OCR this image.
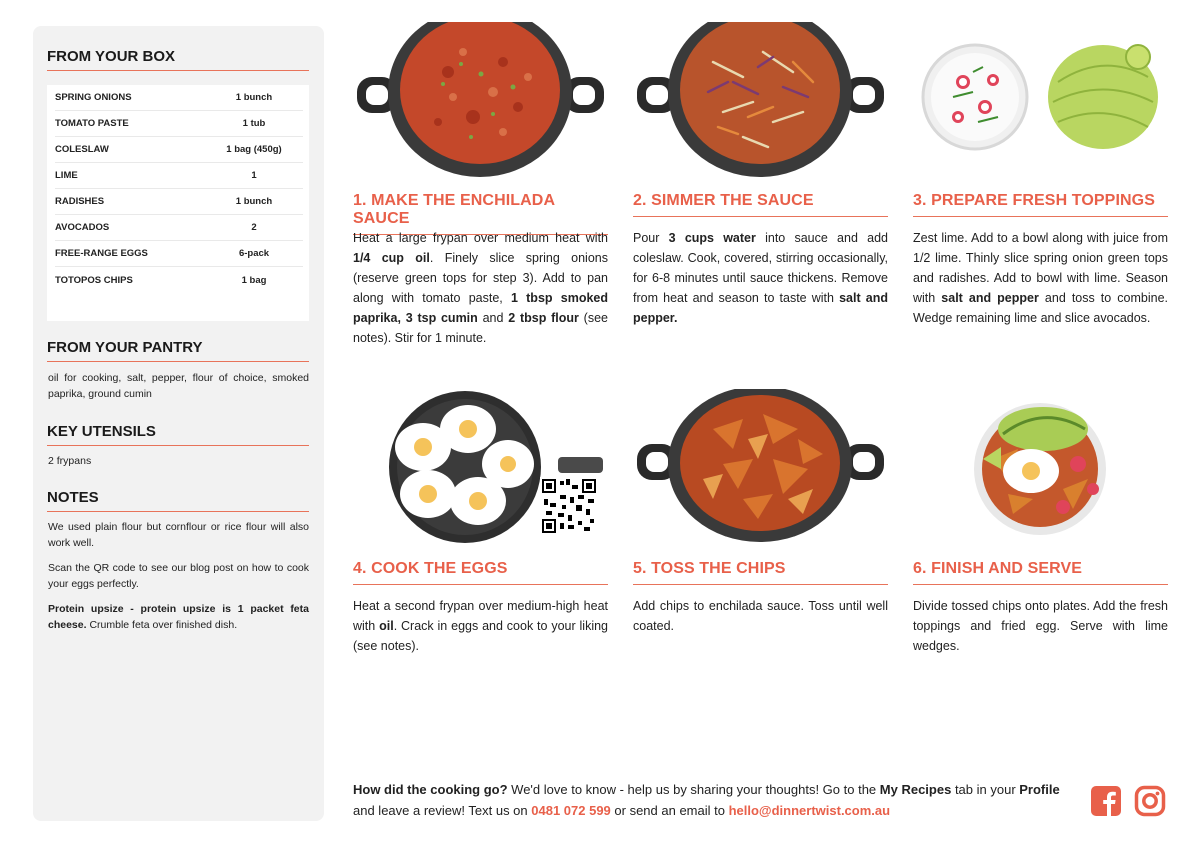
FROM YOUR BOX
SPRING ONIONS	1 bunch
TOMATO PASTE	1 tub
COLESLAW	1 bag (450g)
LIME	1
RADISHES	1 bunch
AVOCADOS	2
FREE-RANGE EGGS	6-pack
TOTOPOS CHIPS	1 bag
FROM YOUR PANTRY
oil for cooking, salt, pepper, flour of choice, smoked paprika, ground cumin
KEY UTENSILS
2 frypans
NOTES
We used plain flour but cornflour or rice flour will also work well.
Scan the QR code to see our blog post on how to cook your eggs perfectly.
Protein upsize - protein upsize is 1 packet feta cheese. Crumble feta over finished dish.
1. MAKE THE ENCHILADA SAUCE
Heat a large frypan over medium heat with 1/4 cup oil. Finely slice spring onions (reserve green tops for step 3). Add to pan along with tomato paste, 1 tbsp smoked paprika, 3 tsp cumin and 2 tbsp flour (see notes). Stir for 1 minute.
2. SIMMER THE SAUCE
Pour 3 cups water into sauce and add coleslaw. Cook, covered, stirring occasionally, for 6-8 minutes until sauce thickens. Remove from heat and season to taste with salt and pepper.
3. PREPARE FRESH TOPPINGS
Zest lime. Add to a bowl along with juice from 1/2 lime. Thinly slice spring onion green tops and radishes. Add to bowl with lime. Season with salt and pepper and toss to combine. Wedge remaining lime and slice avocados.
4. COOK THE EGGS
Heat a second frypan over medium-high heat with oil. Crack in eggs and cook to your liking (see notes).
5. TOSS THE CHIPS
Add chips to enchilada sauce. Toss until well coated.
6. FINISH AND SERVE
Divide tossed chips onto plates. Add the fresh toppings and fried egg. Serve with lime wedges.
How did the cooking go? We'd love to know - help us by sharing your thoughts! Go to the My Recipes tab in your Profile and leave a review! Text us on 0481 072 599 or send an email to hello@dinnertwist.com.au
